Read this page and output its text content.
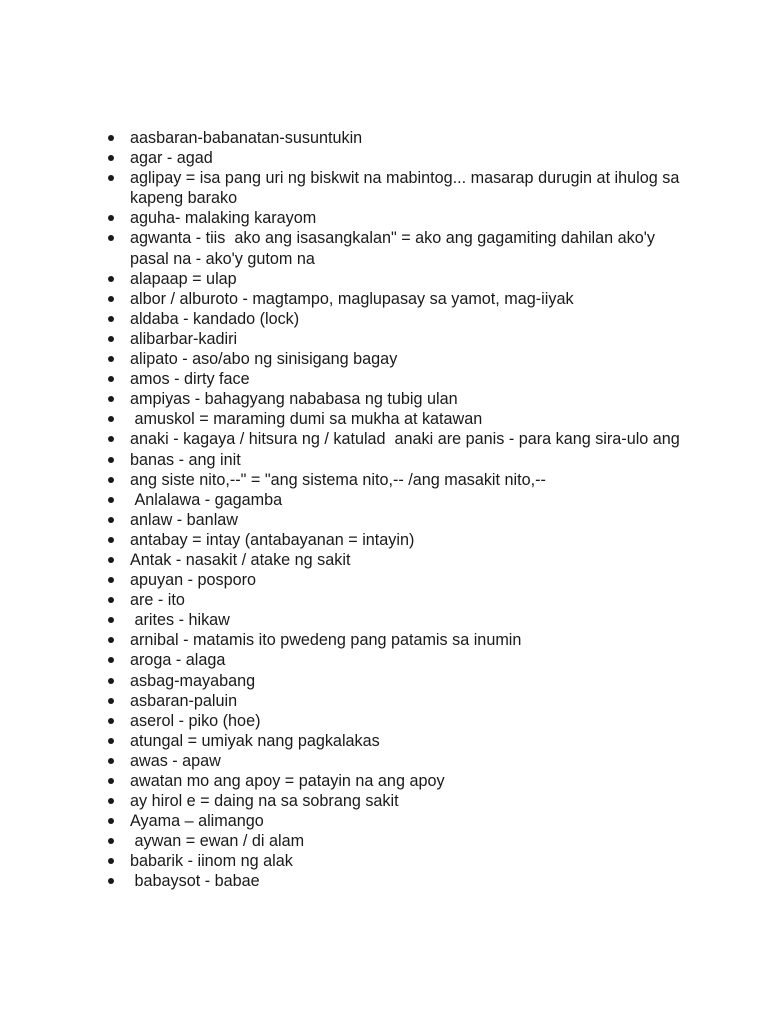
aasbaran-babanatan-susuntukin
agar - agad
aglipay = isa pang uri ng biskwit na mabintog... masarap durugin at ihulog sa kapeng barako
aguha- malaking karayom
agwanta - tiis  ako ang isasangkalan" = ako ang gagamiting dahilan ako'y pasal na - ako'y gutom na
alapaap = ulap
albor / alburoto - magtampo, maglupasay sa yamot, mag-iiyak
aldaba - kandado (lock)
alibarbar-kadiri
alipato - aso/abo ng sinisigang bagay
amos - dirty face
ampiyas - bahagyang nababasa ng tubig ulan
amuskol = maraming dumi sa mukha at katawan
anaki - kagaya / hitsura ng / katulad  anaki are panis - para kang sira-ulo ang
banas - ang init
ang siste nito,--" = "ang sistema nito,-- /ang masakit nito,--
Anlalawa - gagamba
anlaw - banlaw
antabay = intay (antabayanan = intayin)
Antak - nasakit / atake ng sakit
apuyan - posporo
are - ito
arites - hikaw
arnibal - matamis ito pwedeng pang patamis sa inumin
aroga - alaga
asbag-mayabang
asbaran-paluin
aserol - piko (hoe)
atungal = umiyak nang pagkalakas
awas - apaw
awatan mo ang apoy = patayin na ang apoy
ay hirol e = daing na sa sobrang sakit
Ayama – alimango
aywan = ewan / di alam
babarik - iinom ng alak
babaysot - babae
